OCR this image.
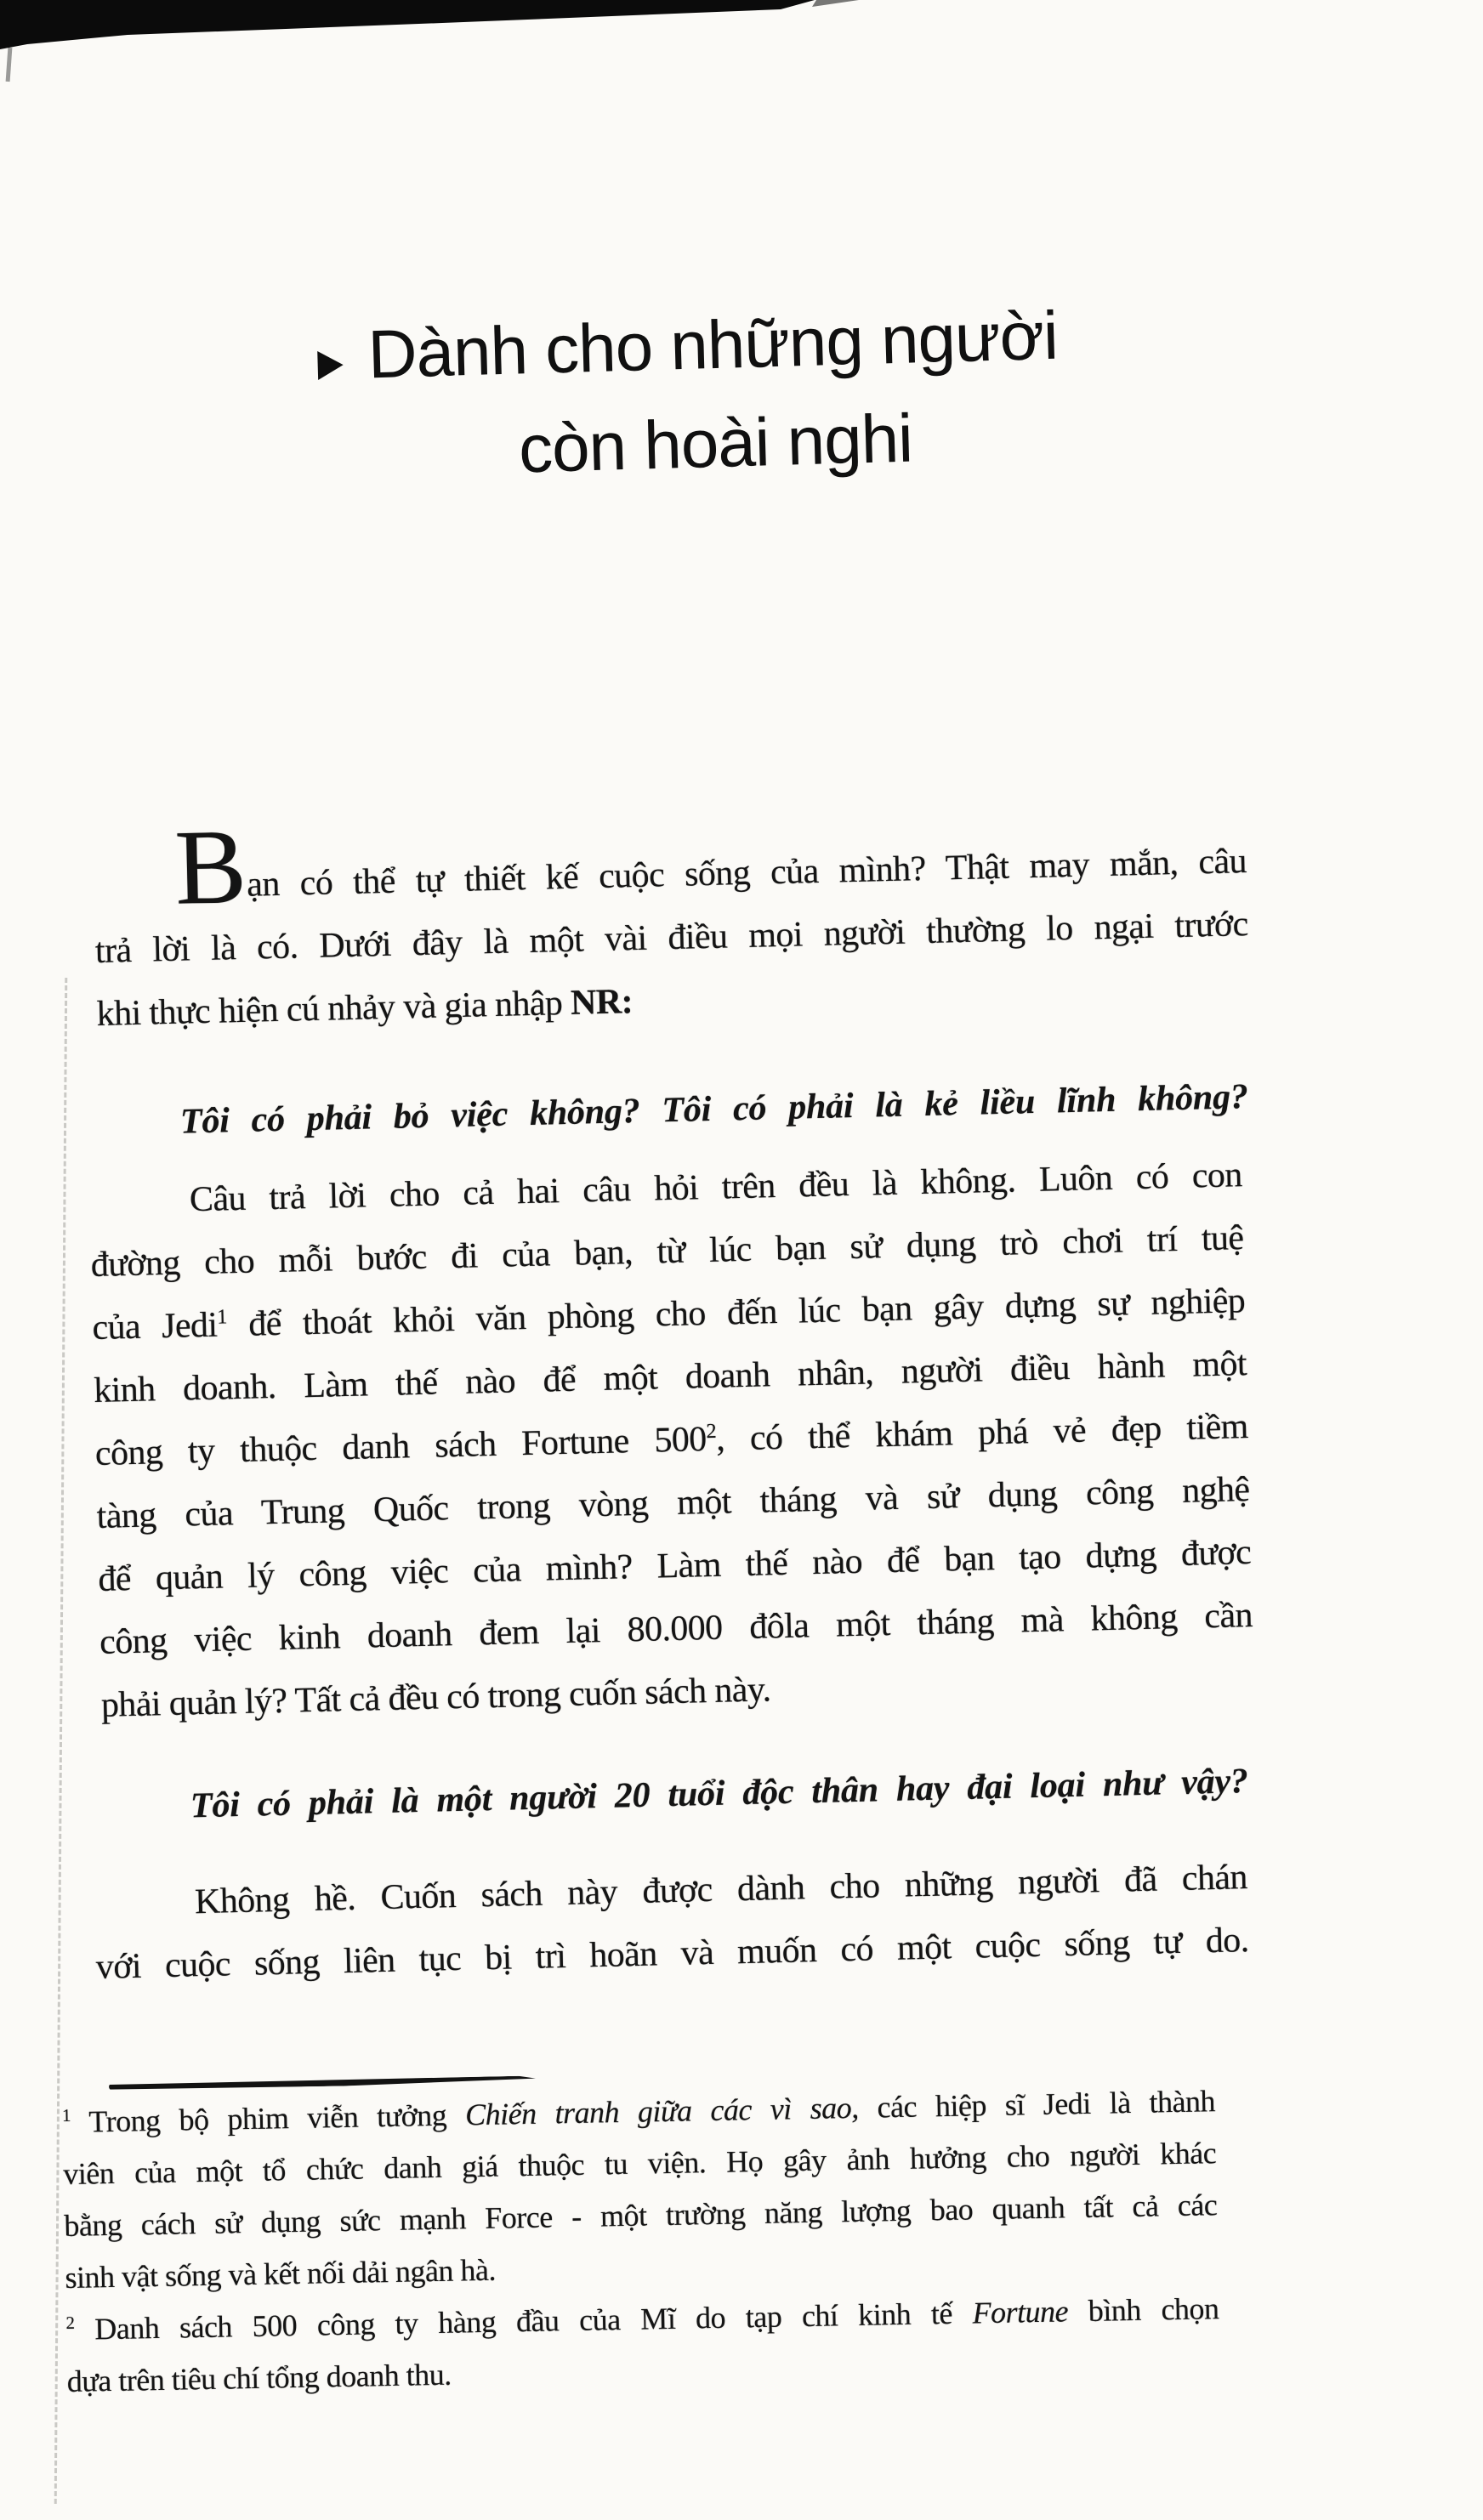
Dành cho những người
còn hoài nghi
Bạn có thể tự thiết kế cuộc sống của mình? Thật may mắn, câu
trả lời là có. Dưới đây là một vài điều mọi người thường lo ngại trước
khi thực hiện cú nhảy và gia nhập NR:
Tôi có phải bỏ việc không? Tôi có phải là kẻ liều lĩnh không?
Câu trả lời cho cả hai câu hỏi trên đều là không. Luôn có con
đường cho mỗi bước đi của bạn, từ lúc bạn sử dụng trò chơi trí tuệ
của Jedi$^1$ để thoát khỏi văn phòng cho đến lúc bạn gây dựng sự nghiệp
kinh doanh. Làm thế nào để một doanh nhân, người điều hành một
công ty thuộc danh sách Fortune $500^2$, có thể khám phá vẻ đẹp tiềm
tàng của Trung Quốc trong vòng một tháng và sử dụng công nghệ
để quản lý công việc của mình? Làm thế nào để bạn tạo dựng được
công việc kinh doanh đem lại 80.000 đôla một tháng mà không cần
phải quản lý? Tất cả đều có trong cuốn sách này.
Tôi có phải là một người 20 tuổi độc thân hay đại loại như vậy?
Không hề. Cuốn sách này được dành cho những người đã chán
với cuộc sống liên tục bị trì hoãn và muốn có một cuộc sống tự do.
$^1$ Trong bộ phim viễn tưởng Chiến tranh giữa các vì sao, các hiệp sĩ Jedi là thành
viên của một tổ chức danh giá thuộc tu viện. Họ gây ảnh hưởng cho người khác
bằng cách sử dụng sức mạnh Force - một trường năng lượng bao quanh tất cả các
sinh vật sống và kết nối dải ngân hà.
$^2$ Danh sách 500 công ty hàng đầu của Mĩ do tạp chí kinh tế Fortune bình chọn
dựa trên tiêu chí tổng doanh thu.
